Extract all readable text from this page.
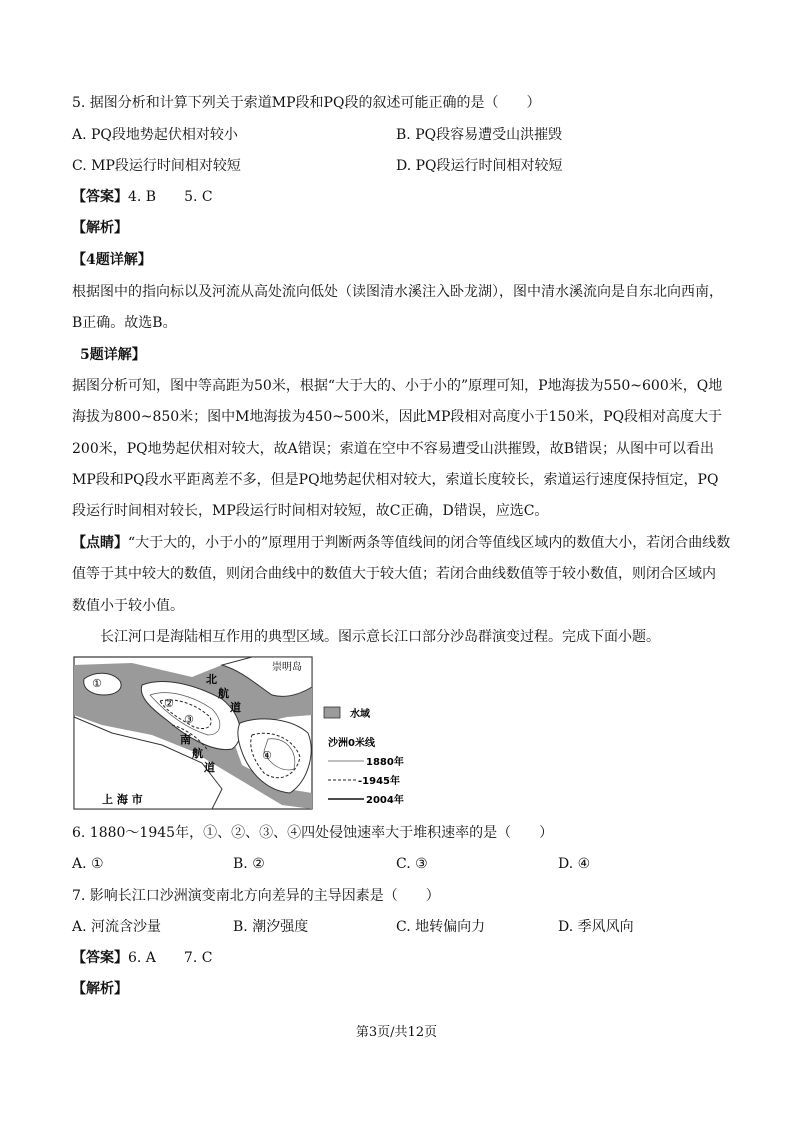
5. 据图分析和计算下列关于索道MP段和PQ段的叙述可能正确的是（　　）
A. PQ段地势起伏相对较小	B. PQ段容易遭受山洪摧毁
C. MP段运行时间相对较短	D. PQ段运行时间相对较短
【答案】4. B　　5. C
【解析】
【4题详解】
根据图中的指向标以及河流从高处流向低处（读图清水溪注入卧龙湖），图中清水溪流向是自东北向西南，
B正确。故选B。
5题详解】
据图分析可知，图中等高距为50米，根据“大于大的、小于小的”原理可知，P地海拔为550~600米，Q地
海拔为800~850米；图中M地海拔为450~500米，因此MP段相对高度小于150米，PQ段相对高度大于
200米，PQ地势起伏相对较大，故A错误；索道在空中不容易遭受山洪摧毁，故B错误；从图中可以看出
MP段和PQ段水平距离差不多，但是PQ地势起伏相对较大，索道长度较长，索道运行速度保持恒定，PQ
段运行时间相对较长，MP段运行时间相对较短，故C正确，D错误，应选C。
【点睛】“大于大的，小于小的”原理用于判断两条等值线间的闭合等值线区域内的数值大小，若闭合曲线数
值等于其中较大的数值，则闭合曲线中的数值大于较大值；若闭合曲线数值等于较小数值，则闭合区域内
数值小于较小值。
长江河口是海陆相互作用的典型区域。图示意长江口部分沙岛群演变过程。完成下面小题。
崇明岛
北
航
道
南
航
道
上 海 市
①
②
③
④
水域
沙洲0米线
1880年
-1945年
2004年
6. 1880～1945年，①、②、③、④四处侵蚀速率大于堆积速率的是（　　）
A. ①	B. ②	C. ③	D. ④
7. 影响长江口沙洲演变南北方向差异的主导因素是（　　）
A. 河流含沙量	B. 潮汐强度	C. 地转偏向力	D. 季风风向
【答案】6. A　　7. C
【解析】
第3页/共12页
